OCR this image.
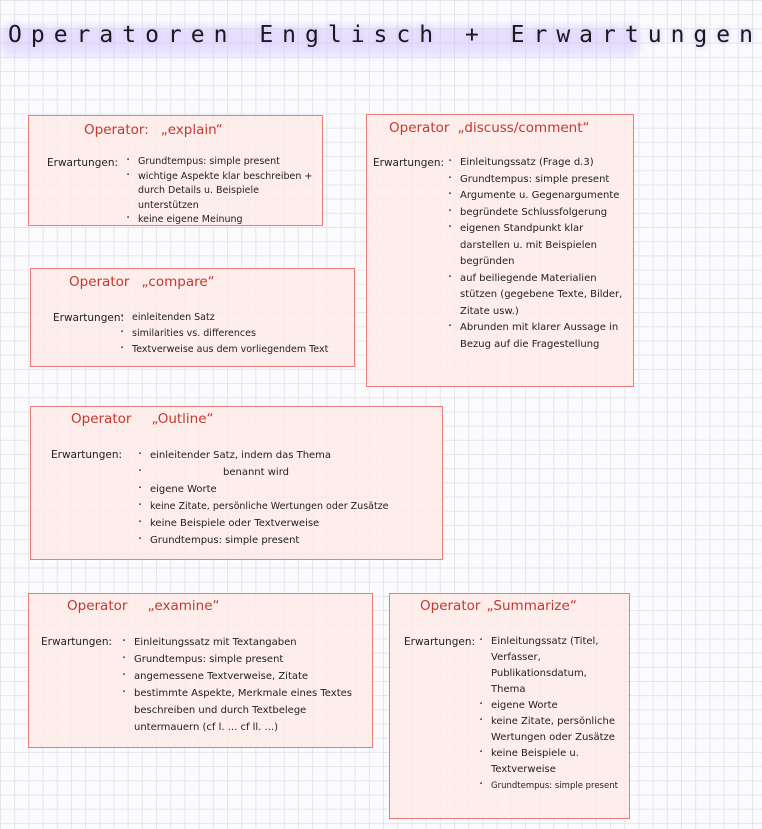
Operatoren Englisch + Erwartungen
Operator: „explain“
Erwartungen:	· Grundtempus: simple present
· wichtige Aspekte klar beschreiben + durch Details u. Beispiele unterstützen
· keine eigene Meinung
Operator „discuss/comment“
Erwartungen:	· Einleitungssatz (Frage d.3)
· Grundtempus: simple present
· Argumente u. Gegenargumente
· begründete Schlussfolgerung
· eigenen Standpunkt klar darstellen u. mit Beispielen begründen
· auf beiliegende Materialien stützen (gegebene Texte, Bilder, Zitate usw.)
· Abrunden mit klarer Aussage in Bezug auf die Fragestellung
Operator „compare“
Erwartungen: · einleitenden Satz
· similarities vs. differences
· Textverweise aus dem vorliegendem Text
Operator „Outline“
Erwartungen:	· einleitender Satz, indem das Thema
· benannt wird
· eigene Worte
· keine Zitate, persönliche Wertungen oder Zusätze
· keine Beispiele oder Textverweise
· Grundtempus: simple present
Operator „examine“
Erwartungen:	· Einleitungssatz mit Textangaben
· Grundtempus: simple present
· angemessene Textverweise, Zitate
· bestimmte Aspekte, Merkmale eines Textes beschreiben und durch Textbelege untermauern (cf l. ... cf ll. ...)
Operator „Summarize“
Erwartungen:	· Einleitungssatz (Titel, Verfasser, Publikationsdatum, Thema
· eigene Worte
· keine Zitate, persönliche Wertungen oder Zusätze
· keine Beispiele u. Textverweise
· Grundtempus: simple present
